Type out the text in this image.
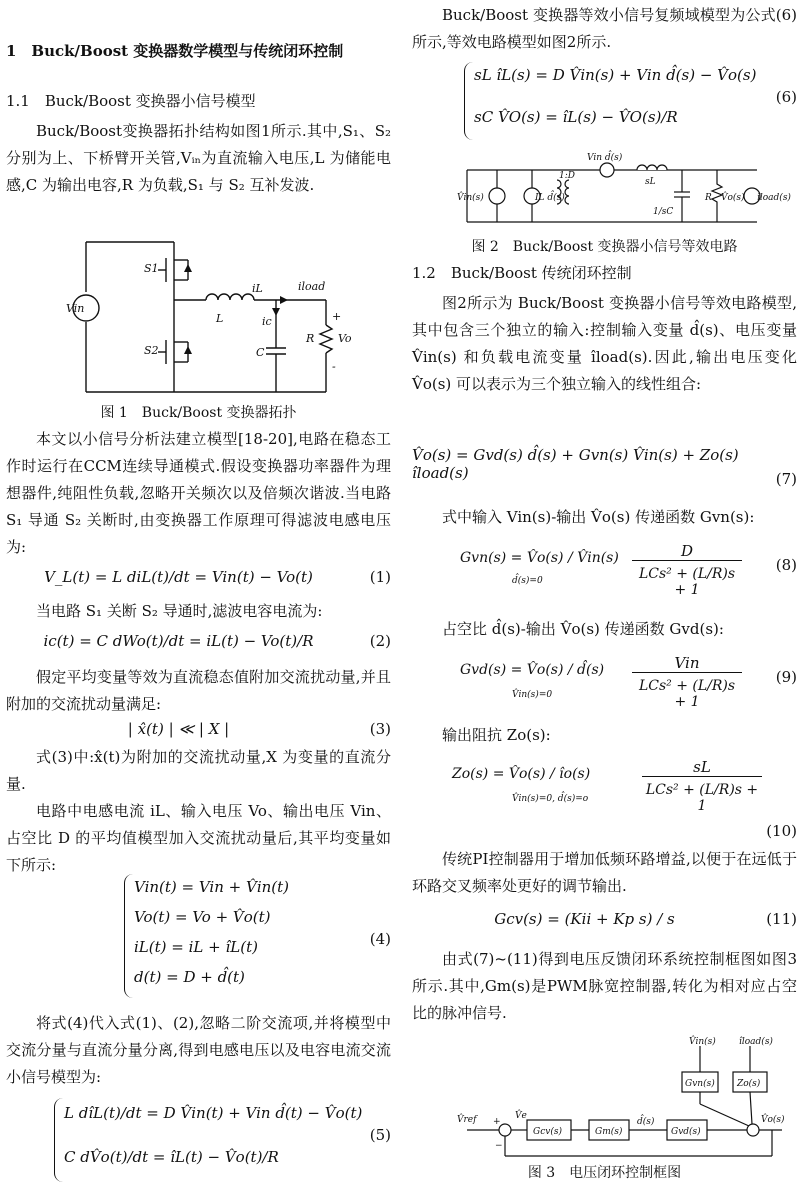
1　Buck/Boost 变换器数学模型与传统闭环控制
1.1　Buck/Boost 变换器小信号模型

Buck/Boost变换器拓扑结构如图1所示.其中,S₁、S₂ 分别为上、下桥臂开关管,Vᵢₙ为直流输入电压,L 为储能电感,C 为输出电容,R 为负载,S₁ 与 S₂ 互补发波.

Vin
S1
S2
L
iL	iload
ic
C
R Vo
+
-
图 1　Buck/Boost 变换器拓扑

本文以小信号分析法建立模型[18-20],电路在稳态工作时运行在CCM连续导通模式.假设变换器功率器件为理想器件,纯阻性负载,忽略开关频次以及倍频次谐波.当电路 S₁ 导通 S₂ 关断时,由变换器工作原理可得滤波电感电压为:

V_L(t) = L diL(t)/dt = Vin(t) − Vo(t)	(1)

当电路 S₁ 关断 S₂ 导通时,滤波电容电流为:

ic(t) = C dWo(t)/dt = iL(t) − Vo(t)/R	(2)

假定平均变量等效为直流稳态值附加交流扰动量,并且附加的交流扰动量满足:

| x̂(t) | ≪ | X |	(3)

式(3)中:x̂(t)为附加的交流扰动量,X 为变量的直流分量.

电路中电感电流 iL、输入电压 Vo、输出电压 Vin、占空比 D 的平均值模型加入交流扰动量后,其平均变量如下所示:

Vin(t) = Vin + V̂in(t)
Vo(t) = Vo + V̂o(t)
iL(t) = iL + îL(t)
d(t) = D + d̂(t)
(4)

将式(4)代入式(1)、(2),忽略二阶交流项,并将模型中交流分量与直流分量分离,得到电感电压以及电容电流交流小信号模型为:

L dîL(t)/dt = D V̂in(t) + Vin d̂(t) − V̂o(t)
C dV̂o(t)/dt = îL(t) − V̂o(t)/R
(5)

Buck/Boost 变换器等效小信号复频域模型为公式(6)所示,等效电路模型如图2所示.

sL îL(s) = D V̂in(s) + Vin d̂(s) − V̂o(s)
sC V̂O(s) = îL(s) − V̂O(s)/R
(6)
V̂in(s)	IL d̂(s)
1:D
Vin d̂(s)
sL
1/sC
R V̂o(s) îload(s)
图 2　Buck/Boost 变换器小信号等效电路
1.2　Buck/Boost 传统闭环控制

图2所示为 Buck/Boost 变换器小信号等效电路模型,其中包含三个独立的输入:控制输入变量 d̂(s)、电压变量 V̂in(s) 和负载电流变量 îload(s).因此,输出电压变化 V̂o(s) 可以表示为三个独立输入的线性组合:

V̂o(s) = Gvd(s) d̂(s) + Gvn(s) V̂in(s) + Zo(s) îload(s)	(7)

式中输入 Vin(s)-输出 V̂o(s) 传递函数 Gvn(s):

Gvn(s) = V̂o(s) / V̂in(s)
d̂(s)=0
D
LCs² + (L/R)s + 1
(8)

占空比 d̂(s)-输出 V̂o(s) 传递函数 Gvd(s):

Gvd(s) = V̂o(s) / d̂(s)
V̂in(s)=0
Vin
LCs² + (L/R)s + 1
(9)

输出阻抗 Zo(s):

Zo(s) = V̂o(s) / îo(s)
V̂in(s)=0, d̂(s)=o
sL
LCs² + (L/R)s + 1
(10)

传统PI控制器用于增加低频环路增益,以便于在远低于环路交叉频率处更好的调节输出.

Gcv(s) = (Kii + Kp s) / s	(11)

由式(7)~(11)得到电压反馈闭环系统控制框图如图3所示.其中,Gm(s)是PWM脉宽控制器,转化为相对应占空比的脉冲信号.

V̂ref	V̂e
Gcv(s)	Gm(s)
d̂(s)
Gvd(s)
Gvn(s) Zo(s)
V̂in(s)	îload(s)
V̂o(s)
+
−
图 3　电压闭环控制框图
